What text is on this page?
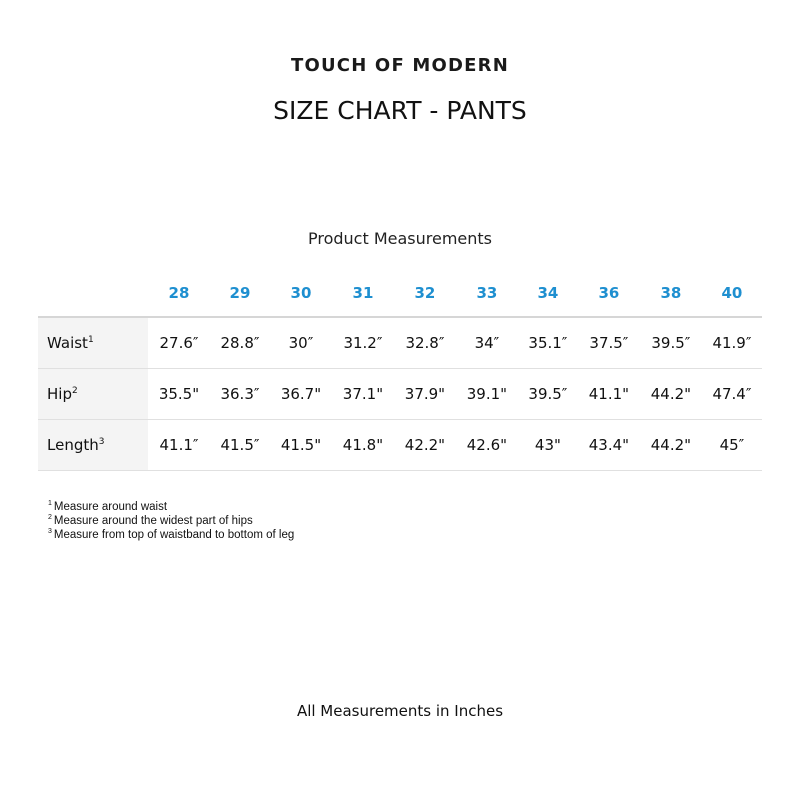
TOUCH OF MODERN
SIZE CHART - PANTS
Product Measurements
	28	29	30	31	32	33	34	36	38	40
Waist$^1$	27.6″	28.8″	30″	31.2″	32.8″	34″	35.1″	37.5″	39.5″	41.9″
Hip$^2$	35.5"	36.3″	36.7"	37.1"	37.9"	39.1"	39.5″	41.1"	44.2"	47.4″
Length$^3$	41.1″	41.5″	41.5"	41.8"	42.2"	42.6"	43"	43.4"	44.2"	45″
$^1$ Measure around waist
$^2$ Measure around the widest part of hips
$^3$ Measure from top of waistband to bottom of leg
All Measurements in Inches
